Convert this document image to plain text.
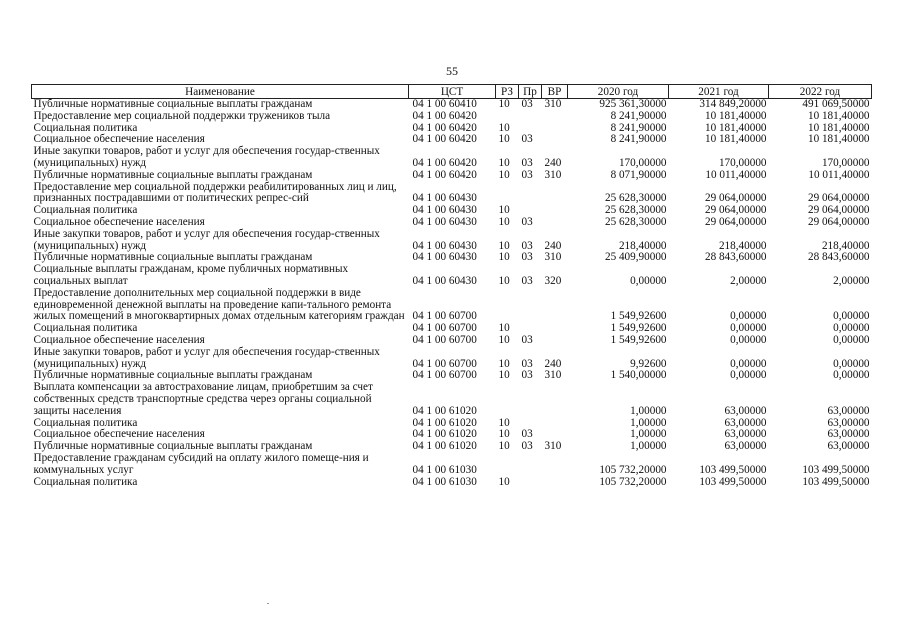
55
Наименование	ЦСТ	РЗ	Пр	ВР	2020 год	2021 год	2022 год
Публичные нормативные социальные выплаты гражданам	04 1 00 60410	10	03	310	925 361,30000	314 849,20000	491 069,50000
Предоставление мер социальной поддержки тружеников тыла	04 1 00 60420				8 241,90000	10 181,40000	10 181,40000
Социальная политика	04 1 00 60420	10			8 241,90000	10 181,40000	10 181,40000
Социальное обеспечение населения	04 1 00 60420	10	03		8 241,90000	10 181,40000	10 181,40000
Иные закупки товаров, работ и услуг для обеспечения государ-ственных (муниципальных) нужд	04 1 00 60420	10	03	240	170,00000	170,00000	170,00000
Публичные нормативные социальные выплаты гражданам	04 1 00 60420	10	03	310	8 071,90000	10 011,40000	10 011,40000
Предоставление мер социальной поддержки реабилитированных лиц и лиц, признанных пострадавшими от политических репрес-сий	04 1 00 60430				25 628,30000	29 064,00000	29 064,00000
Социальная политика	04 1 00 60430	10			25 628,30000	29 064,00000	29 064,00000
Социальное обеспечение населения	04 1 00 60430	10	03		25 628,30000	29 064,00000	29 064,00000
Иные закупки товаров, работ и услуг для обеспечения государ-ственных (муниципальных) нужд	04 1 00 60430	10	03	240	218,40000	218,40000	218,40000
Публичные нормативные социальные выплаты гражданам	04 1 00 60430	10	03	310	25 409,90000	28 843,60000	28 843,60000
Социальные выплаты гражданам, кроме публичных нормативных социальных выплат	04 1 00 60430	10	03	320	0,00000	2,00000	2,00000
Предоставление дополнительных мер социальной поддержки в виде единовременной денежной выплаты на проведение капи-тального ремонта жилых помещений в многоквартирных домах отдельным категориям граждан	04 1 00 60700				1 549,92600	0,00000	0,00000
Социальная политика	04 1 00 60700	10			1 549,92600	0,00000	0,00000
Социальное обеспечение населения	04 1 00 60700	10	03		1 549,92600	0,00000	0,00000
Иные закупки товаров, работ и услуг для обеспечения государ-ственных (муниципальных) нужд	04 1 00 60700	10	03	240	9,92600	0,00000	0,00000
Публичные нормативные социальные выплаты гражданам	04 1 00 60700	10	03	310	1 540,00000	0,00000	0,00000
Выплата компенсации за автострахование лицам, приобретшим за счет собственных средств транспортные средства через органы социальной защиты населения	04 1 00 61020				1,00000	63,00000	63,00000
Социальная политика	04 1 00 61020	10			1,00000	63,00000	63,00000
Социальное обеспечение населения	04 1 00 61020	10	03		1,00000	63,00000	63,00000
Публичные нормативные социальные выплаты гражданам	04 1 00 61020	10	03	310	1,00000	63,00000	63,00000
Предоставление гражданам субсидий на оплату жилого помеще-ния и коммунальных услуг	04 1 00 61030				105 732,20000	103 499,50000	103 499,50000
Социальная политика	04 1 00 61030	10			105 732,20000	103 499,50000	103 499,50000
